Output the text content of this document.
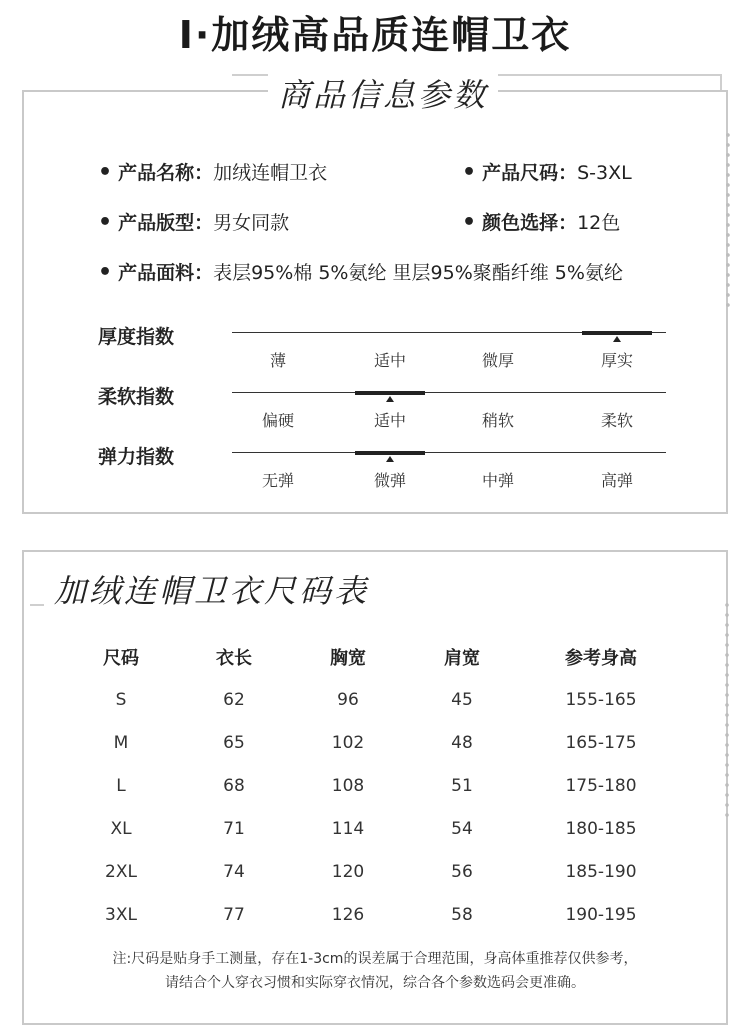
I·加绒高品质连帽卫衣
商品信息参数
• 产品名称：加绒连帽卫衣
• 产品版型：男女同款
• 产品面料：表层95%棉 5%氨纶 里层95%聚酯纤维 5%氨纶
• 产品尺码：S-3XL
• 颜色选择：12色
厚度指数
薄	适中	微厚	厚实
柔软指数
偏硬	适中	稍软	柔软
弹力指数
无弹	微弹	中弹	高弹
加绒连帽卫衣尺码表
尺码	衣长	胸宽	肩宽	参考身高
S	62	96	45	155-165
M	65	102	48	165-175
L	68	108	51	175-180
XL	71	114	54	180-185
2XL	74	120	56	185-190
3XL	77	126	58	190-195
注:尺码是贴身手工测量，存在1-3cm的误差属于合理范围，身高体重推荐仅供参考，
请结合个人穿衣习惯和实际穿衣情况，综合各个参数选码会更准确。
